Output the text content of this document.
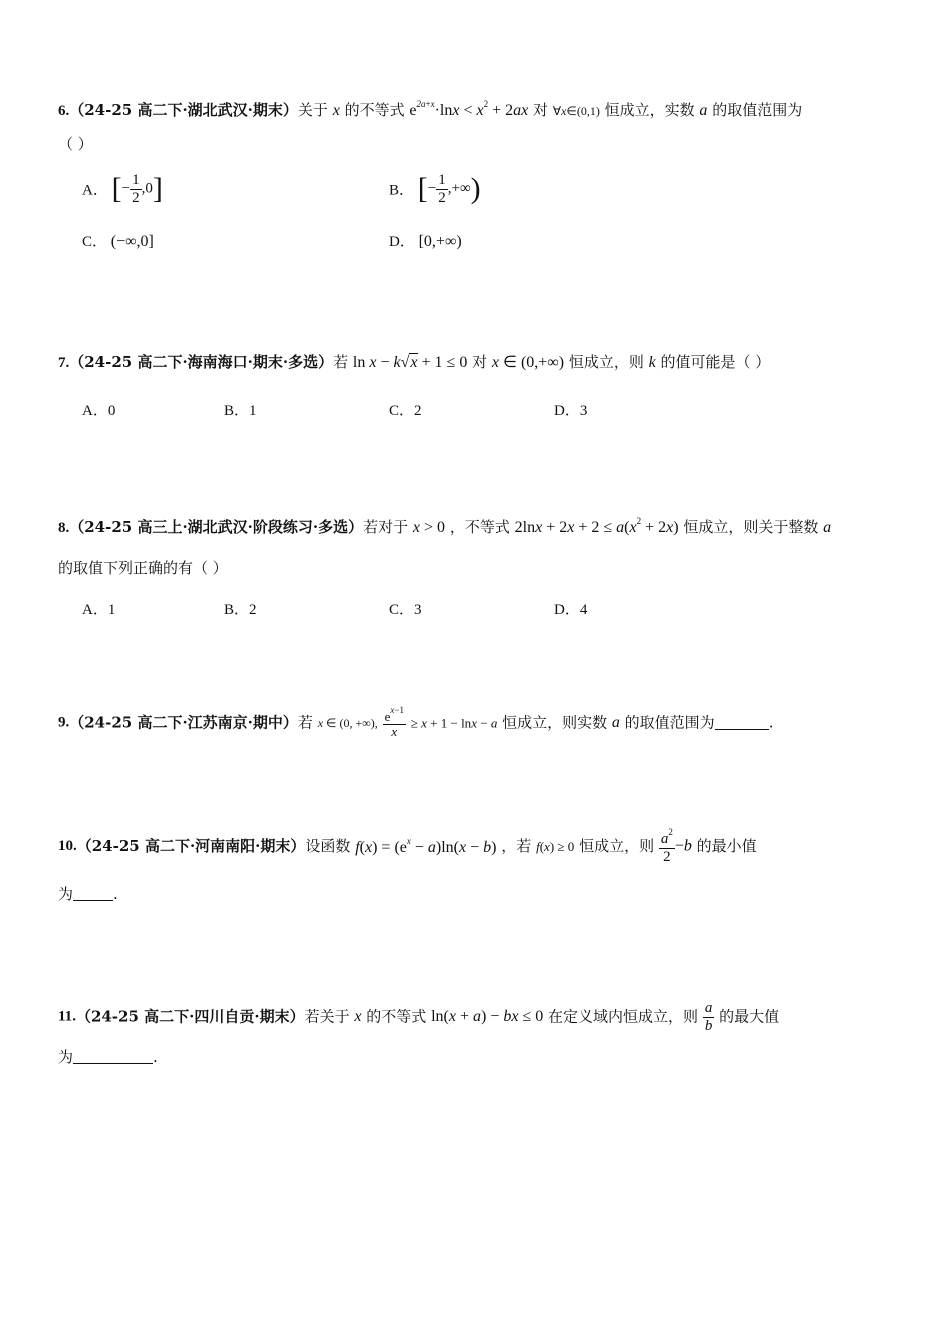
6.（24-25 高二下·湖北武汉·期末）关于 x 的不等式 $e^{2a+x}\cdot\ln x < x^2 + 2ax$ 对 ∀x∈(0,1) 恒成立，实数 a 的取值范围为
（ ）
A． [− $\frac{1}{2} ,0$]	B． [− $\frac{1}{2}$ ,+∞)
C． (−∞,0]	D． [0,+∞)
7.（24-25 高二下·海南海口·期末·多选）若 ln x − k√x + 1 ≤ 0 对 x ∈ (0,+∞) 恒成立，则 k 的值可能是（ ）
A．0	B．1	C．2	D．3
8.（24-25 高三上·湖北武汉·阶段练习·多选）若对于 x > 0 ，不等式 $2\ln x + 2x + 2 \le a(x^2 + 2x)$ 恒成立，则关于整数 a
的取值下列正确的有（ ）
A．1	B．2	C．3	D．4
9.（24-25 高二下·江苏南京·期中）若 x ∈ (0, +∞), $\frac{e^{x-1}}{x} \ge x + 1 - \ln x - a$ 恒成立，则实数 a 的取值范围为	.
10.（24-25 高二下·河南南阳·期末）设函数 $f(x) = (e^x - a)\ln(x - b)$ ，若 f(x) ≥ 0 恒成立，则 $\frac{a^2}{2} -b$ 的最小值
为	.
11.（24-25 高二下·四川自贡·期末）若关于 x 的不等式 ln(x + a) − bx ≤ 0 在定义域内恒成立，则 $\frac{a}{b}$ 的最大值
为	.
